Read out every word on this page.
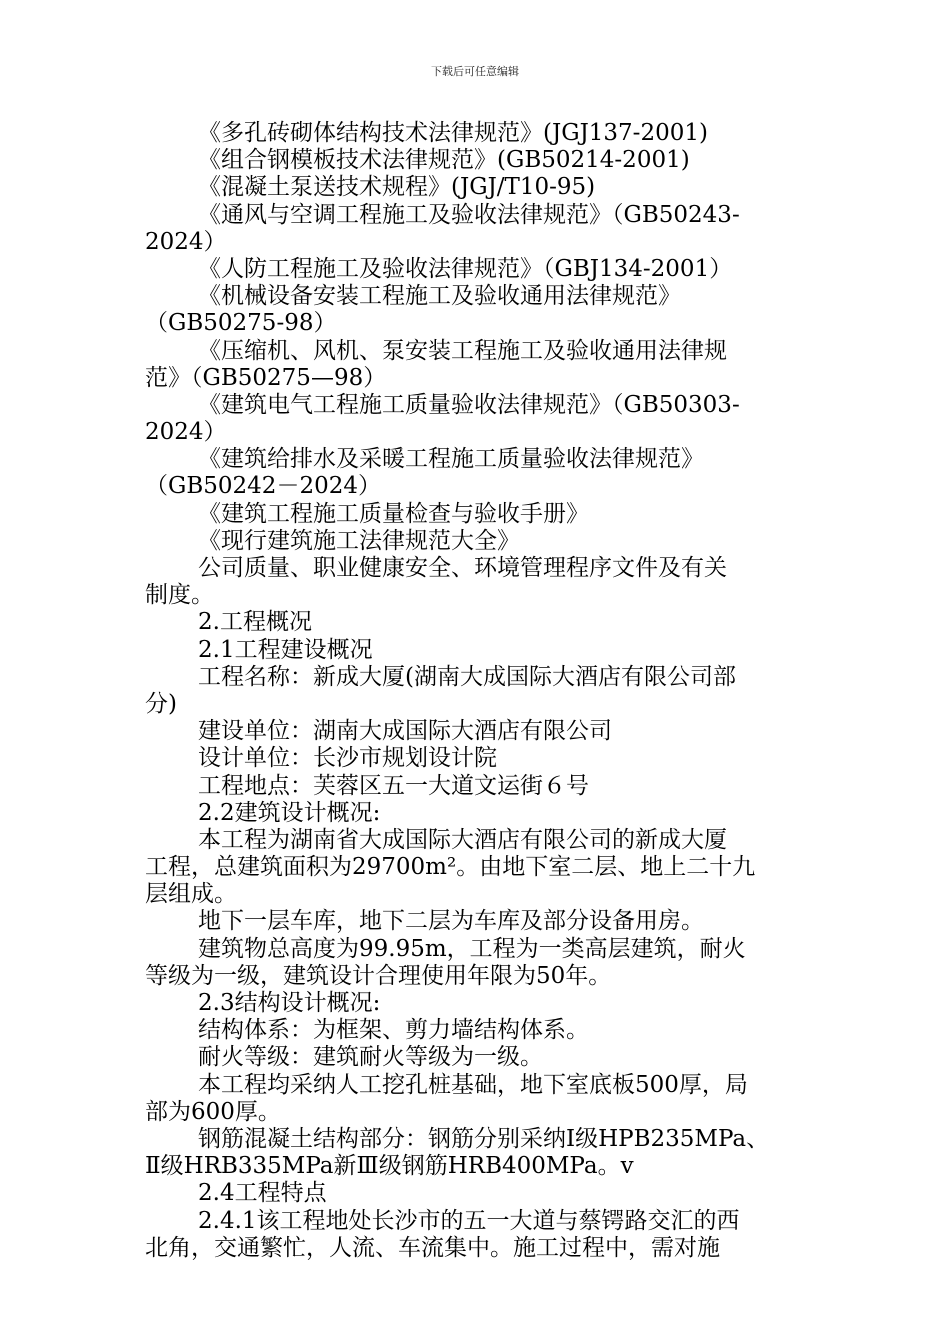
下载后可任意编辑
《多孔砖砌体结构技术法律规范》(JGJ137-2001)
《组合钢模板技术法律规范》(GB50214-2001)
《混凝土泵送技术规程》(JGJ/T10-95)
《通风与空调工程施工及验收法律规范》（GB50243-
2024）
《人防工程施工及验收法律规范》（GBJ134-2001）
《机械设备安装工程施工及验收通用法律规范》
（GB50275-98）
《压缩机、风机、泵安装工程施工及验收通用法律规
范》（GB50275—98）
《建筑电气工程施工质量验收法律规范》（GB50303-
2024）
《建筑给排水及采暖工程施工质量验收法律规范》
（GB50242－2024）
《建筑工程施工质量检查与验收手册》
《现行建筑施工法律规范大全》
公司质量、职业健康安全、环境管理程序文件及有关
制度。
2.工程概况
2.1工程建设概况
工程名称：新成大厦(湖南大成国际大酒店有限公司部
分)
建设单位：湖南大成国际大酒店有限公司
设计单位：长沙市规划设计院
工程地点：芙蓉区五一大道文运街６号
2.2建筑设计概况:
本工程为湖南省大成国际大酒店有限公司的新成大厦
工程，总建筑面积为29700m²。由地下室二层、地上二十九
层组成。
地下一层车库，地下二层为车库及部分设备用房。
建筑物总高度为99.95m，工程为一类高层建筑，耐火
等级为一级，建筑设计合理使用年限为50年。
2.3结构设计概况:
结构体系：为框架、剪力墙结构体系。
耐火等级：建筑耐火等级为一级。
本工程均采纳人工挖孔桩基础，地下室底板500厚，局
部为600厚。
钢筋混凝土结构部分：钢筋分别采纳Ⅰ级HPB235MPa、
Ⅱ级HRB335MPa新Ⅲ级钢筋HRB400MPa。v
2.4工程特点
2.4.1该工程地处长沙市的五一大道与蔡锷路交汇的西
北角，交通繁忙，人流、车流集中。施工过程中，需对施
